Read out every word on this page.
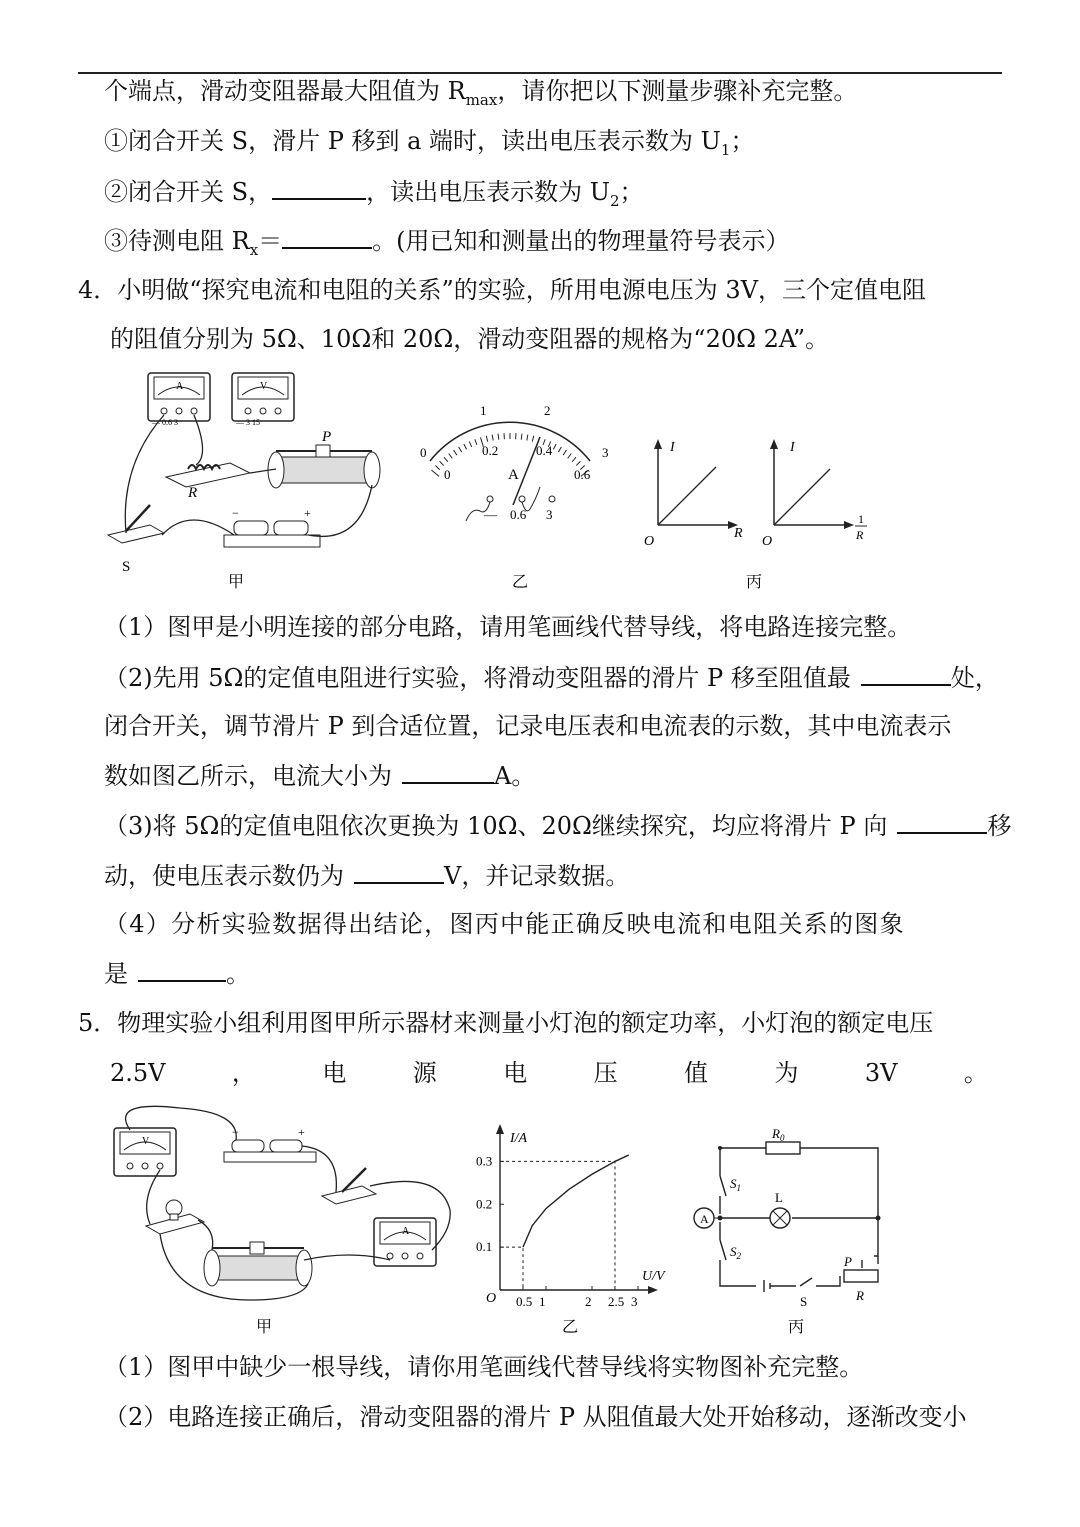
个端点，滑动变阻器最大阻值为 $R_{max}$，请你把以下测量步骤补充完整。
①闭合开关 S，滑片 P 移到 a 端时，读出电压表示数为 $U_1$；
②闭合开关 S，	，读出电压表示数为 $U_2$；
③待测电阻 $R_x=$	。(用已知和测量出的物理量符号表示）
4．小明做“探究电流和电阻的关系”的实验，所用电源电压为 3V，三个定值电阻
的阻值分别为 5Ω、10Ω和 20Ω，滑动变阻器的规格为“20Ω 2A”。
A
— 0.6 3
V
— 3 15
R
P
S
−	+
甲
0
1	2
3
0
0.2	0.4
0.6
A
— 0.6 3
乙
I
R
O
I
1
R
O
丙
（1）图甲是小明连接的部分电路，请用笔画线代替导线，将电路连接完整。
（2)先用 5Ω的定值电阻进行实验，将滑动变阻器的滑片 P 移至阻值最	处，
闭合开关，调节滑片 P 到合适位置，记录电压表和电流表的示数，其中电流表示
数如图乙所示，电流大小为	A。
（3)将 5Ω的定值电阻依次更换为 10Ω、20Ω继续探究，均应将滑片 P 向	移
动，使电压表示数仍为	V，并记录数据。
（4）分析实验数据得出结论，图丙中能正确反映电流和电阻关系的图象
是	。
5．物理实验小组利用图甲所示器材来测量小灯泡的额定功率，小灯泡的额定电压
2.5V	，	电	源	电	压	值	为	3V	。
V
−	+
A
甲
I/A
U/V
O 0.5 1	2 2.5 3
0.1
0.2
0.3
乙
A
$R_0$
$S_1$
$S_2$
L
P
S	R
丙
（1）图甲中缺少一根导线，请你用笔画线代替导线将实物图补充完整。
（2）电路连接正确后，滑动变阻器的滑片 P 从阻值最大处开始移动，逐渐改变小
